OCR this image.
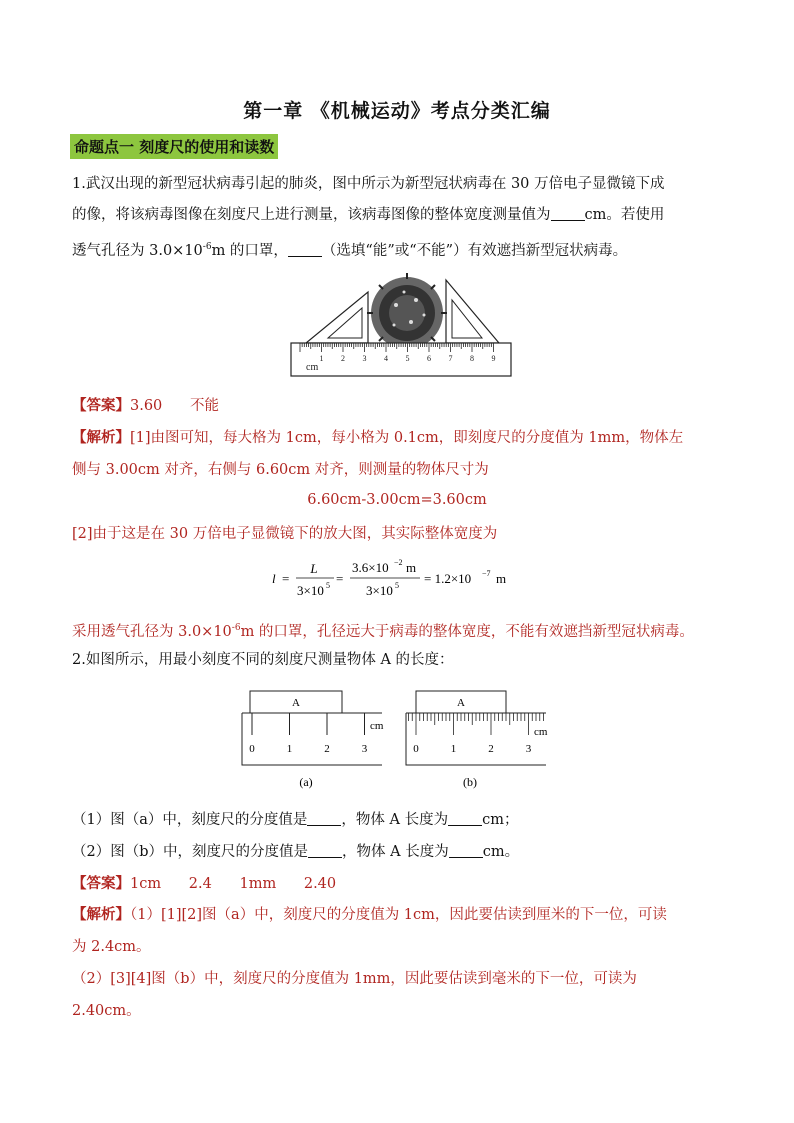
第一章 《机械运动》考点分类汇编
命题点一 刻度尺的使用和读数
1.武汉出现的新型冠状病毒引起的肺炎，图中所示为新型冠状病毒在 30 万倍电子显微镜下成
的像，将该病毒图像在刻度尺上进行测量，该病毒图像的整体宽度测量值为 cm。若使用
透气孔径为 $3.0\times 10^{-6}m$ 的口罩， （选填“能”或“不能”）有效遮挡新型冠状病毒。
1 2 3 4 5 6 7 8 9
cm
【答案】3.60      不能
【解析】[1]由图可知，每大格为 1cm，每小格为 0.1cm，即刻度尺的分度值为 1mm，物体左
侧与 3.00cm 对齐，右侧与 6.60cm 对齐，则测量的物体尺寸为
6.60cm-3.00cm=3.60cm
[2]由于这是在 30 万倍电子显微镜下的放大图，其实际整体宽度为
l =
L
3×10 5 =
3.6×10 −2 m
3×10 5 = 1.2×10 −7 m
采用透气孔径为 $3.0\times 10^{-6}m$ 的口罩，孔径远大于病毒的整体宽度，不能有效遮挡新型冠状病毒。
2.如图所示，用最小刻度不同的刻度尺测量物体 A 的长度：
A
0	1	2	3
cm
(a)
A
0	1	2	3
cm
(b)
（1）图（a）中，刻度尺的分度值是 ，物体 A 长度为 cm；
（2）图（b）中，刻度尺的分度值是 ，物体 A 长度为 cm。
【答案】1cm      2.4      1mm      2.40
【解析】（1）[1][2]图（a）中，刻度尺的分度值为 1cm，因此要估读到厘米的下一位，可读
为 2.4cm。
（2）[3][4]图（b）中，刻度尺的分度值为 1mm，因此要估读到毫米的下一位，可读为
2.40cm。
